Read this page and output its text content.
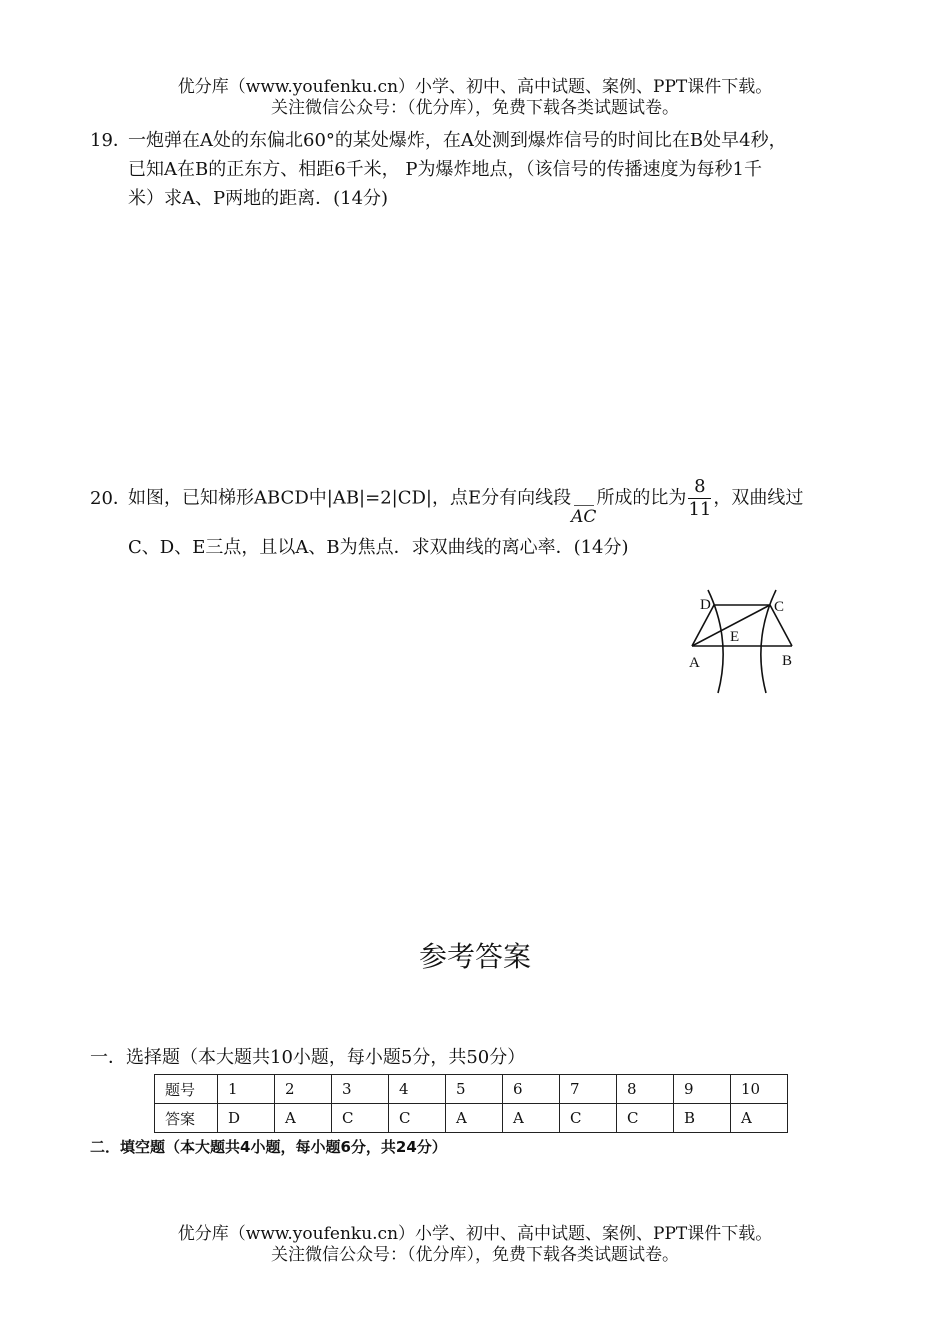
优分库（www.youfenku.cn）小学、初中、高中试题、案例、PPT课件下载。
关注微信公众号：（优分库），免费下载各类试题试卷。
19．一炮弹在A处的东偏北60°的某处爆炸，在A处测到爆炸信号的时间比在B处早4秒，
已知A在B的正东方、相距6千米， P为爆炸地点，（该信号的传播速度为每秒1千
米）求A、P两地的距离．(14分)
20．如图，已知梯形ABCD中|AB|=2|CD|，点E分有向线段
AC所成的比为 $\frac{8}{11}$ ，双曲线过
C、D、E三点，且以A、B为焦点．求双曲线的离心率．(14分)
D	C
E
A	B
参考答案
一．选择题（本大题共10小题，每小题5分，共50分）
题号	1	2	3	4	5	6	7	8	9	10
答案	D	A	C	C	A	A	C	C	B	A
二．填空题（本大题共4小题，每小题6分，共24分）
优分库（www.youfenku.cn）小学、初中、高中试题、案例、PPT课件下载。
关注微信公众号：（优分库），免费下载各类试题试卷。
